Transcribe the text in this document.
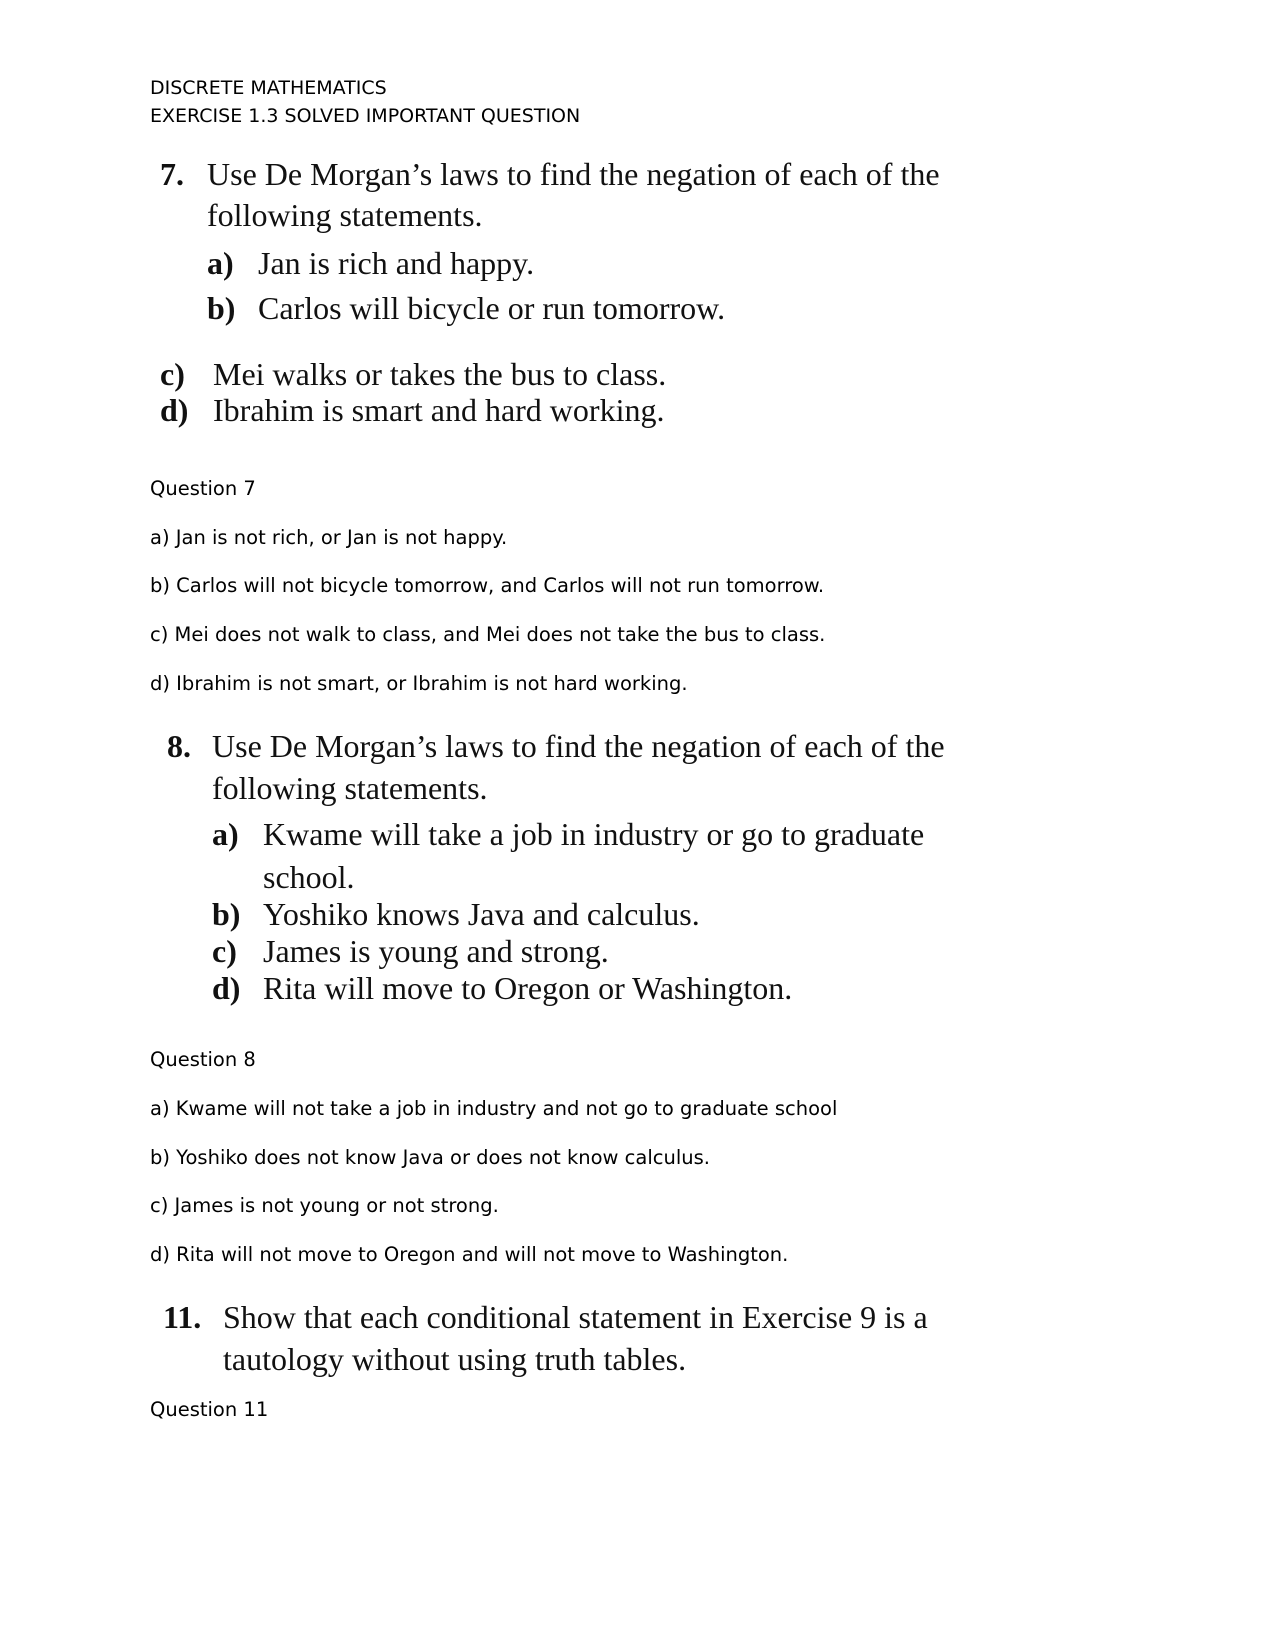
DISCRETE MATHEMATICS
EXERCISE 1.3 SOLVED IMPORTANT QUESTION
7. Use De Morgan’s laws to find the negation of each of the
following statements.
a) Jan is rich and happy.
b) Carlos will bicycle or run tomorrow.
c) Mei walks or takes the bus to class.
d) Ibrahim is smart and hard working.
Question 7
a) Jan is not rich, or Jan is not happy.
b) Carlos will not bicycle tomorrow, and Carlos will not run tomorrow.
c) Mei does not walk to class, and Mei does not take the bus to class.
d) Ibrahim is not smart, or Ibrahim is not hard working.
8. Use De Morgan’s laws to find the negation of each of the
following statements.
a) Kwame will take a job in industry or go to graduate
school.
b) Yoshiko knows Java and calculus.
c) James is young and strong.
d) Rita will move to Oregon or Washington.
Question 8
a) Kwame will not take a job in industry and not go to graduate school
b) Yoshiko does not know Java or does not know calculus.
c) James is not young or not strong.
d) Rita will not move to Oregon and will not move to Washington.
11. Show that each conditional statement in Exercise 9 is a
tautology without using truth tables.
Question 11
